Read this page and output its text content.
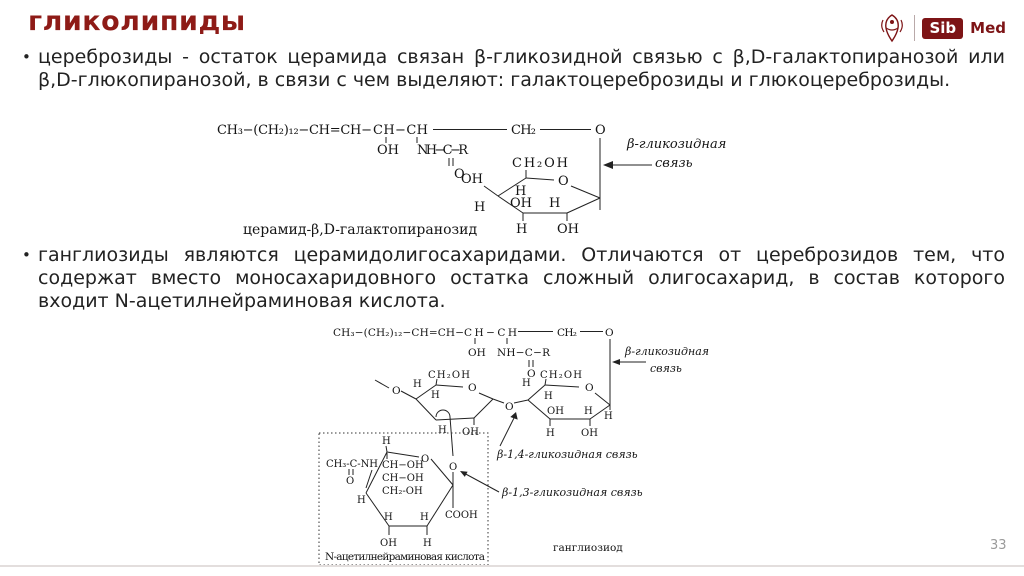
гликолипиды	Sib Med
• цереброзиды - остаток церамида связан β-гликозидной связью с β,D-галактопиранозой или
β,D-глюкопиранозой, в связи с чем выделяют: галактоцереброзиды и глюкоцереброзиды.
CH₃−(CH₂)₁₂−CH=CH− CH−CH	CH₂	O
OH NH−C−R
O
CH₂OH
O
OH
H
H OH H
H OH
β-гликозидная
связь
церамид-β,D-галактопиранозид
• ганглиозиды являются церамидолигосахаридами. Отличаются от цереброзидов тем, что
содержат вместо моносахаридовного остатка сложный олигосахарид, в состав которого
входит N-ацетилнейраминовая кислота.
CH₃−(CH₂)₁₂−CH=CH− CH−CH	CH₂	O
OH NH−C−R
O
β-гликозидная
связь
O
CH₂OH
O
H
H
H OH
O
CH₂OH
O
H
H
OH H
H	OH
H
β-1,4-гликозидная связь
β-1,3-гликозидная связь
CH₃-C-NH
O
H
CH−OH
CH−OH
CH₂-OH
H
H	H
OH	H
COOH
O
O
N-ацетилнейраминовая кислота
ганглиозиод	33
